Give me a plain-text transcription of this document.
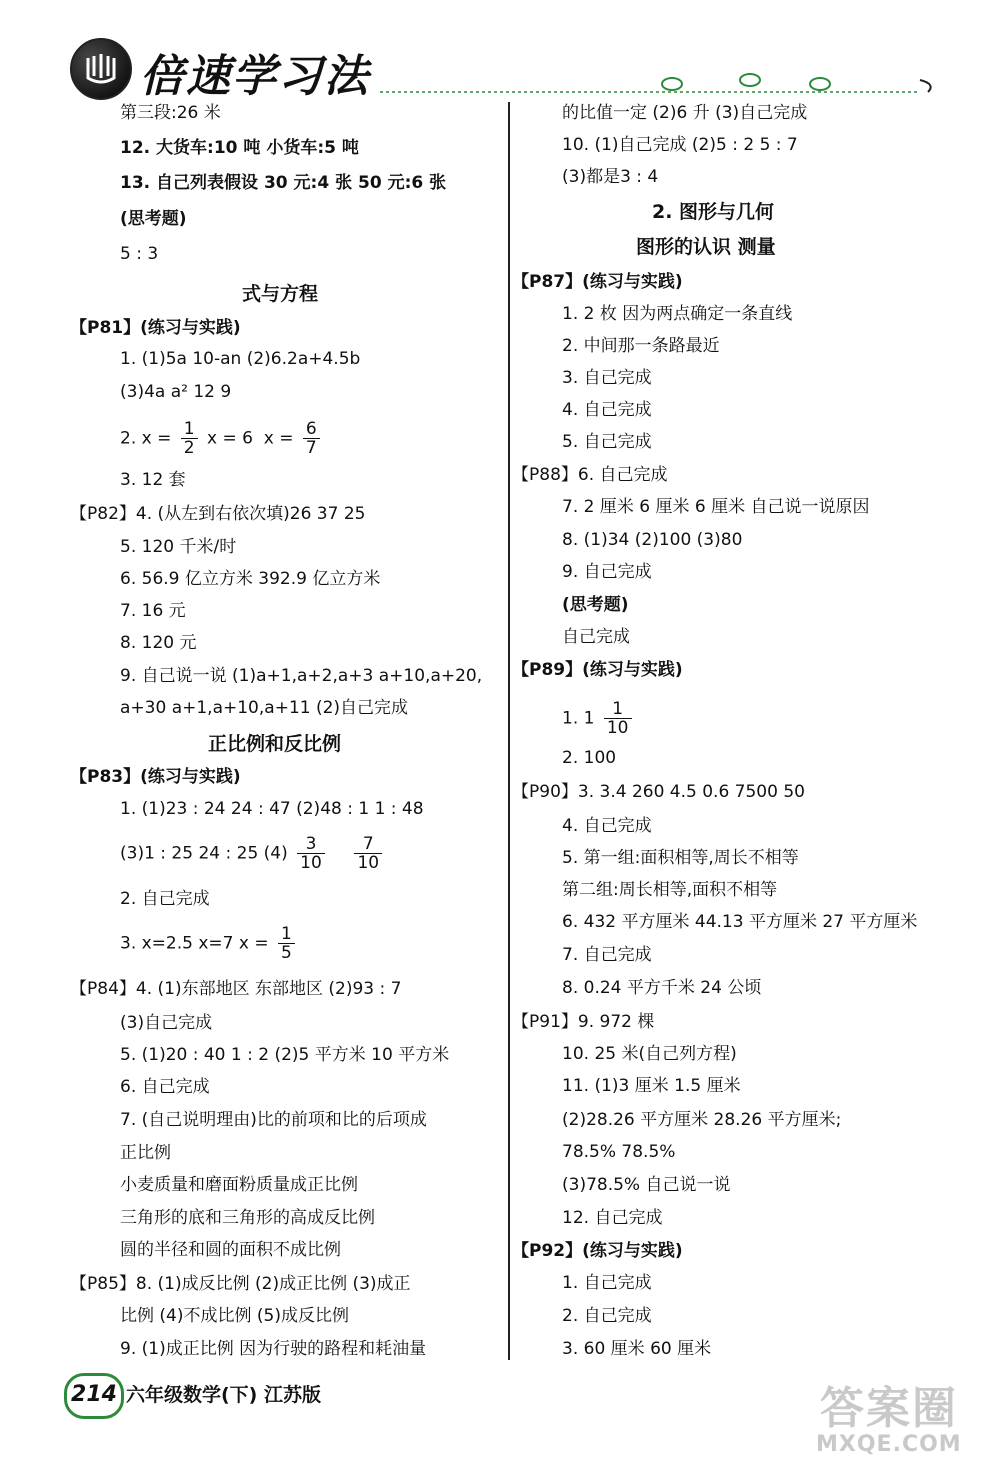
倍速学习法
第三段:26 米
12. 大货车:10 吨 小货车:5 吨
13. 自己列表假设 30 元:4 张 50 元:6 张
(思考题)
5 : 3
式与方程
【P81】(练习与实践)
1. (1)5a 10-an (2)6.2a+4.5b
(3)4a a² 12 9
2. $x = \frac{1}{2}$ x = 6  $x = \frac{6}{7}$
3. 12 套
【P82】4. (从左到右依次填)26 37 25
5. 120 千米/时
6. 56.9 亿立方米 392.9 亿立方米
7. 16 元
8. 120 元
9. 自己说一说 (1)a+1,a+2,a+3 a+10,a+20,
a+30 a+1,a+10,a+11 (2)自己完成
正比例和反比例
【P83】(练习与实践)
1. (1)23 : 24 24 : 47 (2)48 : 1 1 : 48
(3)1 : 25 24 : 25 $(4) \frac{3}{10}$
$\frac{7}{10}$
2. 自己完成
3. x=2.5 x=7 $x = \frac{1}{5}$
【P84】4. (1)东部地区 东部地区 (2)93 : 7
(3)自己完成
5. (1)20 : 40 1 : 2 (2)5 平方米 10 平方米
6. 自己完成
7. (自己说明理由)比的前项和比的后项成
正比例
小麦质量和磨面粉质量成正比例
三角形的底和三角形的高成反比例
圆的半径和圆的面积不成比例
【P85】8. (1)成反比例 (2)成正比例 (3)成正
比例 (4)不成比例 (5)成反比例
9. (1)成正比例 因为行驶的路程和耗油量
的比值一定 (2)6 升 (3)自己完成
10. (1)自己完成 (2)5 : 2 5 : 7
(3)都是3 : 4
2. 图形与几何
图形的认识 测量
【P87】(练习与实践)
1. 2 枚 因为两点确定一条直线
2. 中间那一条路最近
3. 自己完成
4. 自己完成
5. 自己完成
【P88】6. 自己完成
7. 2 厘米 6 厘米 6 厘米 自己说一说原因
8. (1)34 (2)100 (3)80
9. 自己完成
(思考题)
自己完成
【P89】(练习与实践)
1. $1 \frac{1}{10}$
2. 100
【P90】3. 3.4 260 4.5 0.6 7500 50
4. 自己完成
5. 第一组:面积相等,周长不相等
第二组:周长相等,面积不相等
6. 432 平方厘米 44.13 平方厘米 27 平方厘米
7. 自己完成
8. 0.24 平方千米 24 公顷
【P91】9. 972 棵
10. 25 米(自己列方程)
11. (1)3 厘米 1.5 厘米
(2)28.26 平方厘米 28.26 平方厘米;
78.5% 78.5%
(3)78.5% 自己说一说
12. 自己完成
【P92】(练习与实践)
1. 自己完成
2. 自己完成
3. 60 厘米 60 厘米
214 六年级数学(下) 江苏版	答案圈
MXQE.COM
